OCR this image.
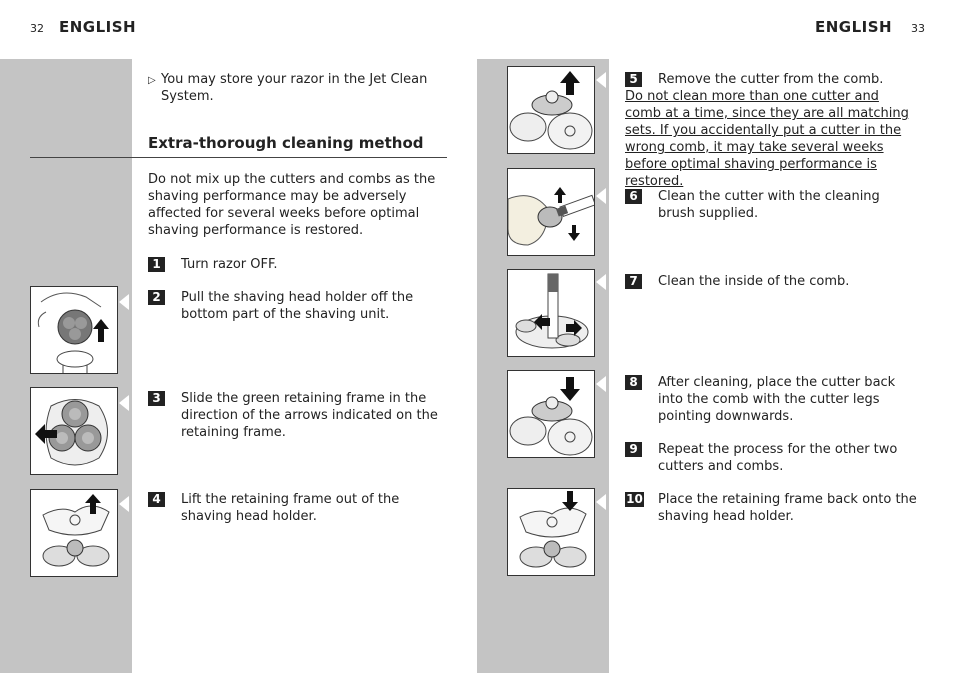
32 ENGLISH	ENGLISH 33
▷ You may store your razor in the Jet Clean System.
Extra-thorough cleaning method
Do not mix up the cutters and combs as the shaving performance may be adversely affected for several weeks before optimal shaving performance is restored.
1	Turn razor OFF.
2	Pull the shaving head holder off the bottom part of the shaving unit.
3	Slide the green retaining frame in the direction of the arrows indicated on the retaining frame.
4	Lift the retaining frame out of the shaving head holder.
5	Remove the cutter from the comb.
Do not clean more than one cutter and comb at a time, since they are all matching sets. If you accidentally put a cutter in the wrong comb, it may take several weeks before optimal shaving performance is restored.
6	Clean the cutter with the cleaning brush supplied.
7	Clean the inside of the comb.
8	After cleaning, place the cutter back into the comb with the cutter legs pointing downwards.
9	Repeat the process for the other two cutters and combs.
10 Place the retaining frame back onto the shaving head holder.
